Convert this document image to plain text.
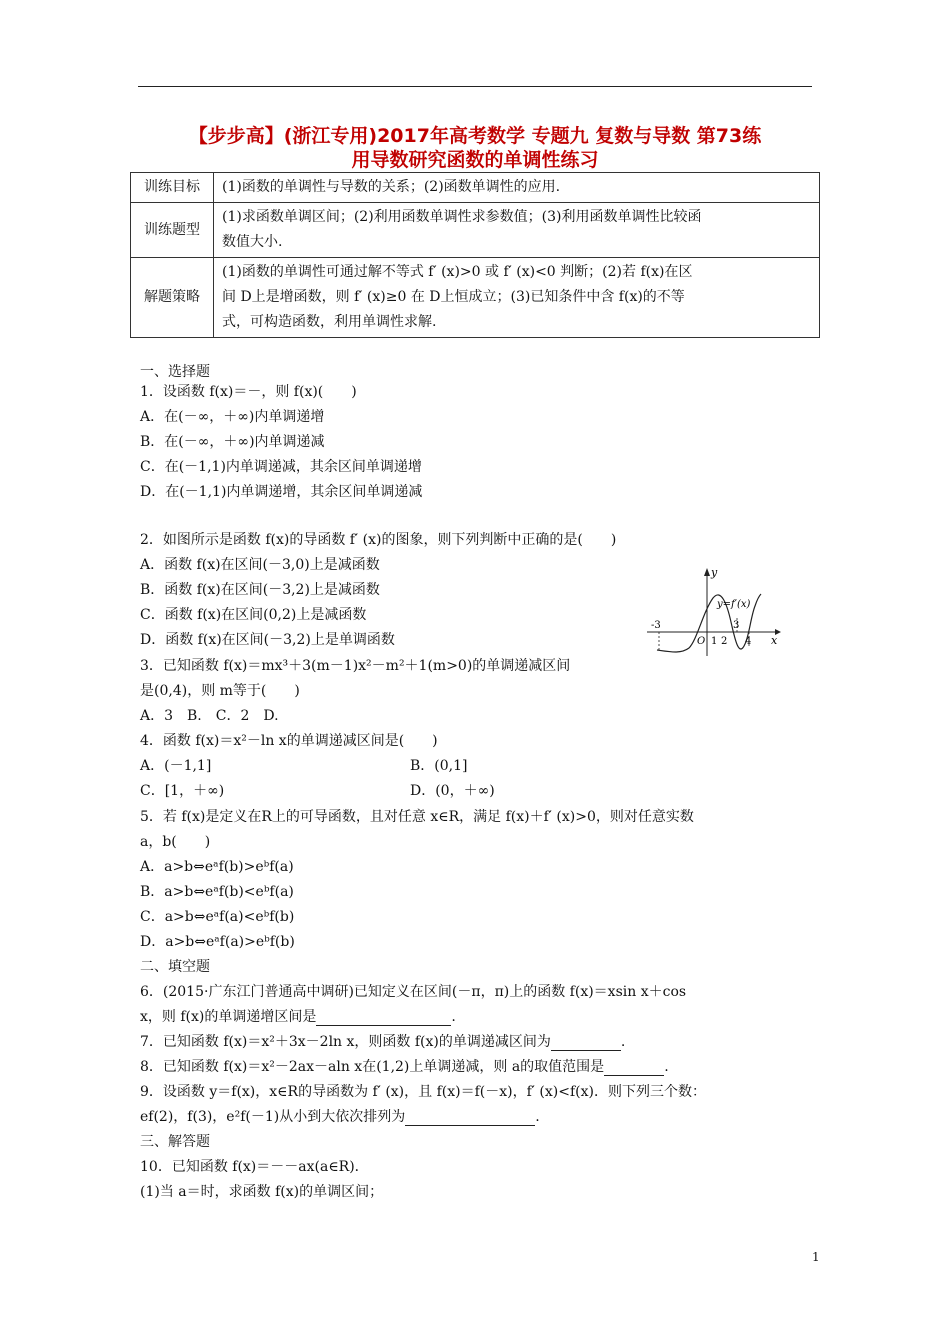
【步步高】(浙江专用)2017年高考数学 专题九 复数与导数 第73练
用导数研究函数的单调性练习
训练目标	(1)函数的单调性与导数的关系；(2)函数单调性的应用.
训练题型	(1)求函数单调区间；(2)利用函数单调性求参数值；(3)利用函数单调性比较函
数值大小.

解题策略	(1)函数的单调性可通过解不等式 f′ (x)>0 或 f′ (x)<0 判断；(2)若 f(x)在区
间 D上是增函数，则 f′ (x)≥0 在 D上恒成立；(3)已知条件中含 f(x)的不等
式，可构造函数，利用单调性求解.
一、选择题
1．设函数 f(x)＝－，则 f(x)(　　)
A．在(－∞，＋∞)内单调递增
B．在(－∞，＋∞)内单调递减
C．在(－1,1)内单调递减，其余区间单调递增
D．在(－1,1)内单调递增，其余区间单调递减
2．如图所示是函数 f(x)的导函数 f′ (x)的图象，则下列判断中正确的是(　　)
A．函数 f(x)在区间(－3,0)上是减函数
B．函数 f(x)在区间(－3,2)上是减函数
C．函数 f(x)在区间(0,2)上是减函数
D．函数 f(x)在区间(－3,2)上是单调函数
3．已知函数 f(x)＝mx³＋3(m－1)x²－m²＋1(m>0)的单调递减区间
是(0,4)，则 m等于(　　)
A．3　B.　C．2　D.
4．函数 f(x)＝x²－ln x的单调递减区间是(　　)
A．(－1,1]	B．(0,1]
C．[1，＋∞)	D．(0，＋∞)
5．若 f(x)是定义在R上的可导函数，且对任意 x∈R，满足 f(x)＋f′ (x)>0，则对任意实数
a，b(　　)
A．a>b⇔eᵃf(b)>eᵇf(a)
B．a>b⇔eᵃf(b)<eᵇf(a)
C．a>b⇔eᵃf(a)<eᵇf(b)
D．a>b⇔eᵃf(a)>eᵇf(b)
二、填空题
6．(2015·广东江门普通高中调研)已知定义在区间(－π，π)上的函数 f(x)＝xsin x＋cos
x，则 f(x)的单调递增区间是	.
7．已知函数 f(x)＝x²＋3x－2ln x，则函数 f(x)的单调递减区间为	.
8．已知函数 f(x)＝x²－2ax－aln x在(1,2)上单调递减，则 a的取值范围是	.
9．设函数 y＝f(x)，x∈R的导函数为 f′ (x)，且 f(x)＝f(－x)，f′ (x)<f(x)．则下列三个数：
ef(2)，f(3)，e²f(－1)从小到大依次排列为	.
三、解答题
10．已知函数 f(x)＝－－ax(a∈R)．
(1)当 a＝时，求函数 f(x)的单调区间；
y
x
y=f′(x)
-3
O 1 2
3
4
1
